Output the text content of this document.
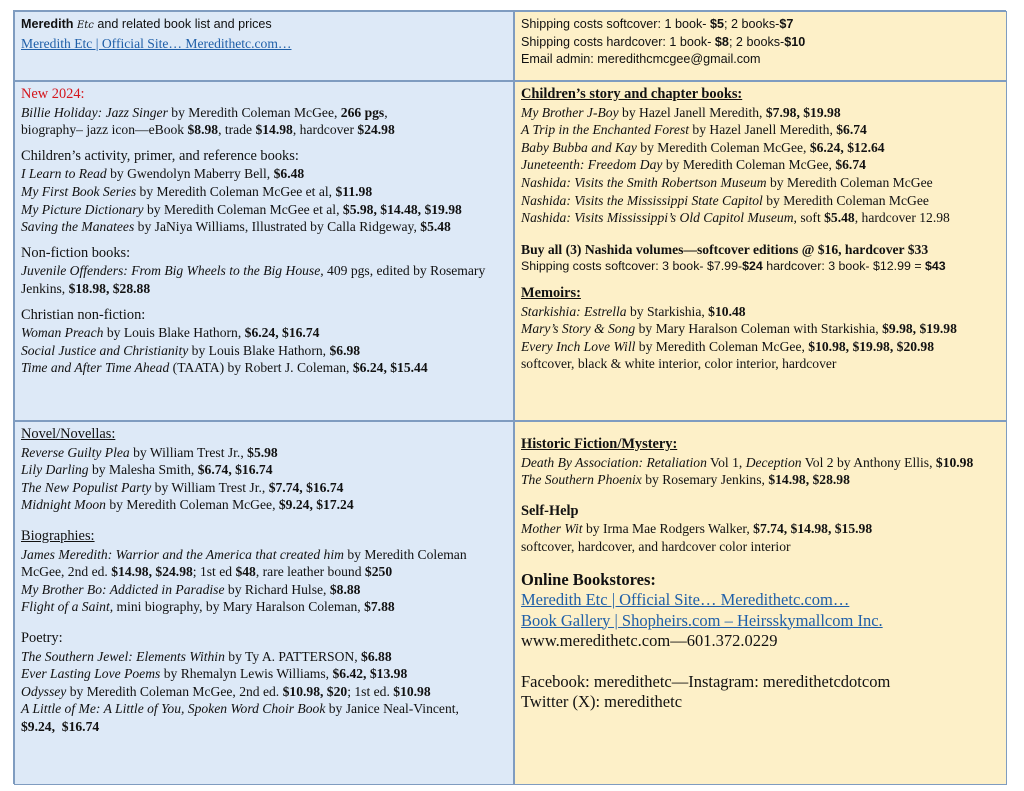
Meredith Etc and related book list and prices
Meredith Etc | Official Site… Meredithetc.com…
Shipping costs softcover: 1 book- $5; 2 books-$7
Shipping costs hardcover: 1 book- $8; 2 books-$10
Email admin: meredithcmcgee@gmail.com
New 2024:
Billie Holiday: Jazz Singer by Meredith Coleman McGee, 266 pgs,
biography– jazz icon—eBook $8.98, trade $14.98, hardcover $24.98
Children’s activity, primer, and reference books:
I Learn to Read by Gwendolyn Maberry Bell, $6.48
My First Book Series by Meredith Coleman McGee et al, $11.98
My Picture Dictionary by Meredith Coleman McGee et al, $5.98, $14.48, $19.98
Saving the Manatees by JaNiya Williams, Illustrated by Calla Ridgeway, $5.48
Non-fiction books:
Juvenile Offenders: From Big Wheels to the Big House, 409 pgs, edited by Rosemary
Jenkins, $18.98, $28.88
Christian non-fiction:
Woman Preach by Louis Blake Hathorn, $6.24, $16.74
Social Justice and Christianity by Louis Blake Hathorn, $6.98
Time and After Time Ahead (TAATA) by Robert J. Coleman, $6.24, $15.44
Children’s story and chapter books:
My Brother J-Boy by Hazel Janell Meredith, $7.98, $19.98
A Trip in the Enchanted Forest by Hazel Janell Meredith, $6.74
Baby Bubba and Kay by Meredith Coleman McGee, $6.24, $12.64
Juneteenth: Freedom Day by Meredith Coleman McGee, $6.74
Nashida: Visits the Smith Robertson Museum by Meredith Coleman McGee
Nashida: Visits the Mississippi State Capitol by Meredith Coleman McGee
Nashida: Visits Mississippi’s Old Capitol Museum, soft $5.48, hardcover 12.98
Buy all (3) Nashida volumes—softcover editions @ $16, hardcover $33
Shipping costs softcover: 3 book- $7.99-$24 hardcover: 3 book- $12.99 = $43
Memoirs:
Starkishia: Estrella by Starkishia, $10.48
Mary’s Story & Song by Mary Haralson Coleman with Starkishia, $9.98, $19.98
Every Inch Love Will by Meredith Coleman McGee, $10.98, $19.98, $20.98
softcover, black & white interior, color interior, hardcover
Novel/Novellas:
Reverse Guilty Plea by William Trest Jr., $5.98
Lily Darling by Malesha Smith, $6.74, $16.74
The New Populist Party by William Trest Jr., $7.74, $16.74
Midnight Moon by Meredith Coleman McGee, $9.24, $17.24
Biographies:
James Meredith: Warrior and the America that created him by Meredith Coleman
McGee, 2nd ed. $14.98, $24.98; 1st ed $48, rare leather bound $250
My Brother Bo: Addicted in Paradise by Richard Hulse, $8.88
Flight of a Saint, mini biography, by Mary Haralson Coleman, $7.88
Poetry:
The Southern Jewel: Elements Within by Ty A. PATTERSON, $6.88
Ever Lasting Love Poems by Rhemalyn Lewis Williams, $6.42, $13.98
Odyssey by Meredith Coleman McGee, 2nd ed. $10.98, $20; 1st ed. $10.98
A Little of Me: A Little of You, Spoken Word Choir Book by Janice Neal-Vincent,
$9.24,  $16.74
Historic Fiction/Mystery:
Death By Association: Retaliation Vol 1, Deception Vol 2 by Anthony Ellis, $10.98
The Southern Phoenix by Rosemary Jenkins, $14.98, $28.98
Self-Help
Mother Wit by Irma Mae Rodgers Walker, $7.74, $14.98, $15.98
softcover, hardcover, and hardcover color interior
Online Bookstores:
Meredith Etc | Official Site… Meredithetc.com…
Book Gallery | Shopheirs.com – Heirsskymallcom Inc.
www.meredithetc.com—601.372.0229
Facebook: meredithetc—Instagram: meredithetcdotcom
Twitter (X): meredithetc
